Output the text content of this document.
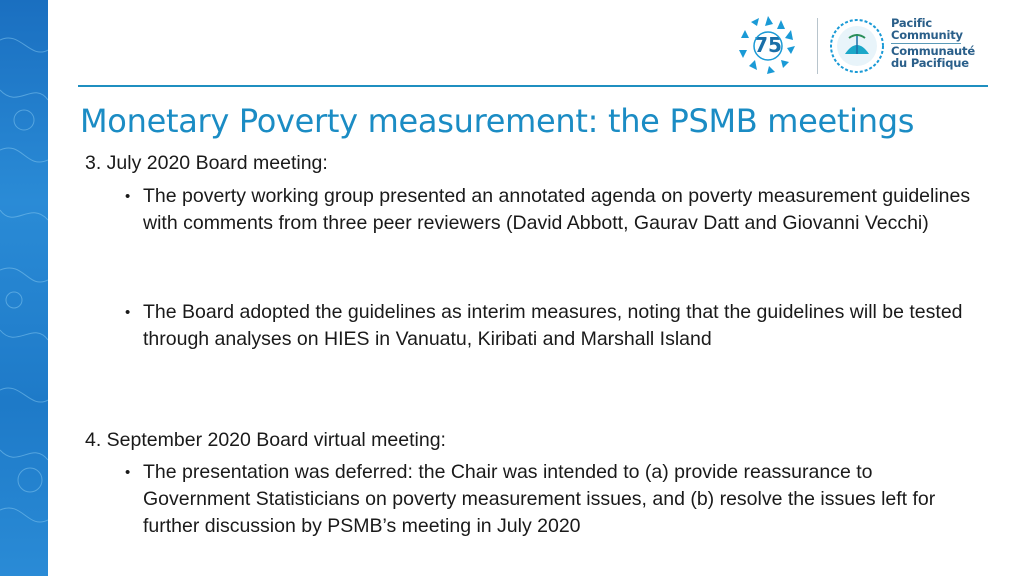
75
Pacific
Community
Communauté
du Pacifique
Monetary Poverty measurement: the PSMB meetings
3. July 2020 Board meeting:
• The poverty working group presented an annotated agenda on poverty measurement guidelines with comments from three peer reviewers (David Abbott, Gaurav Datt and Giovanni Vecchi)
• The Board adopted the guidelines as interim measures, noting that the guidelines will be tested through analyses on HIES in Vanuatu, Kiribati and Marshall Island
4. September 2020 Board virtual meeting:
• The presentation was deferred: the Chair was intended to (a) provide reassurance to Government Statisticians on poverty measurement issues, and (b) resolve the issues left for further discussion by PSMB’s meeting in July 2020
